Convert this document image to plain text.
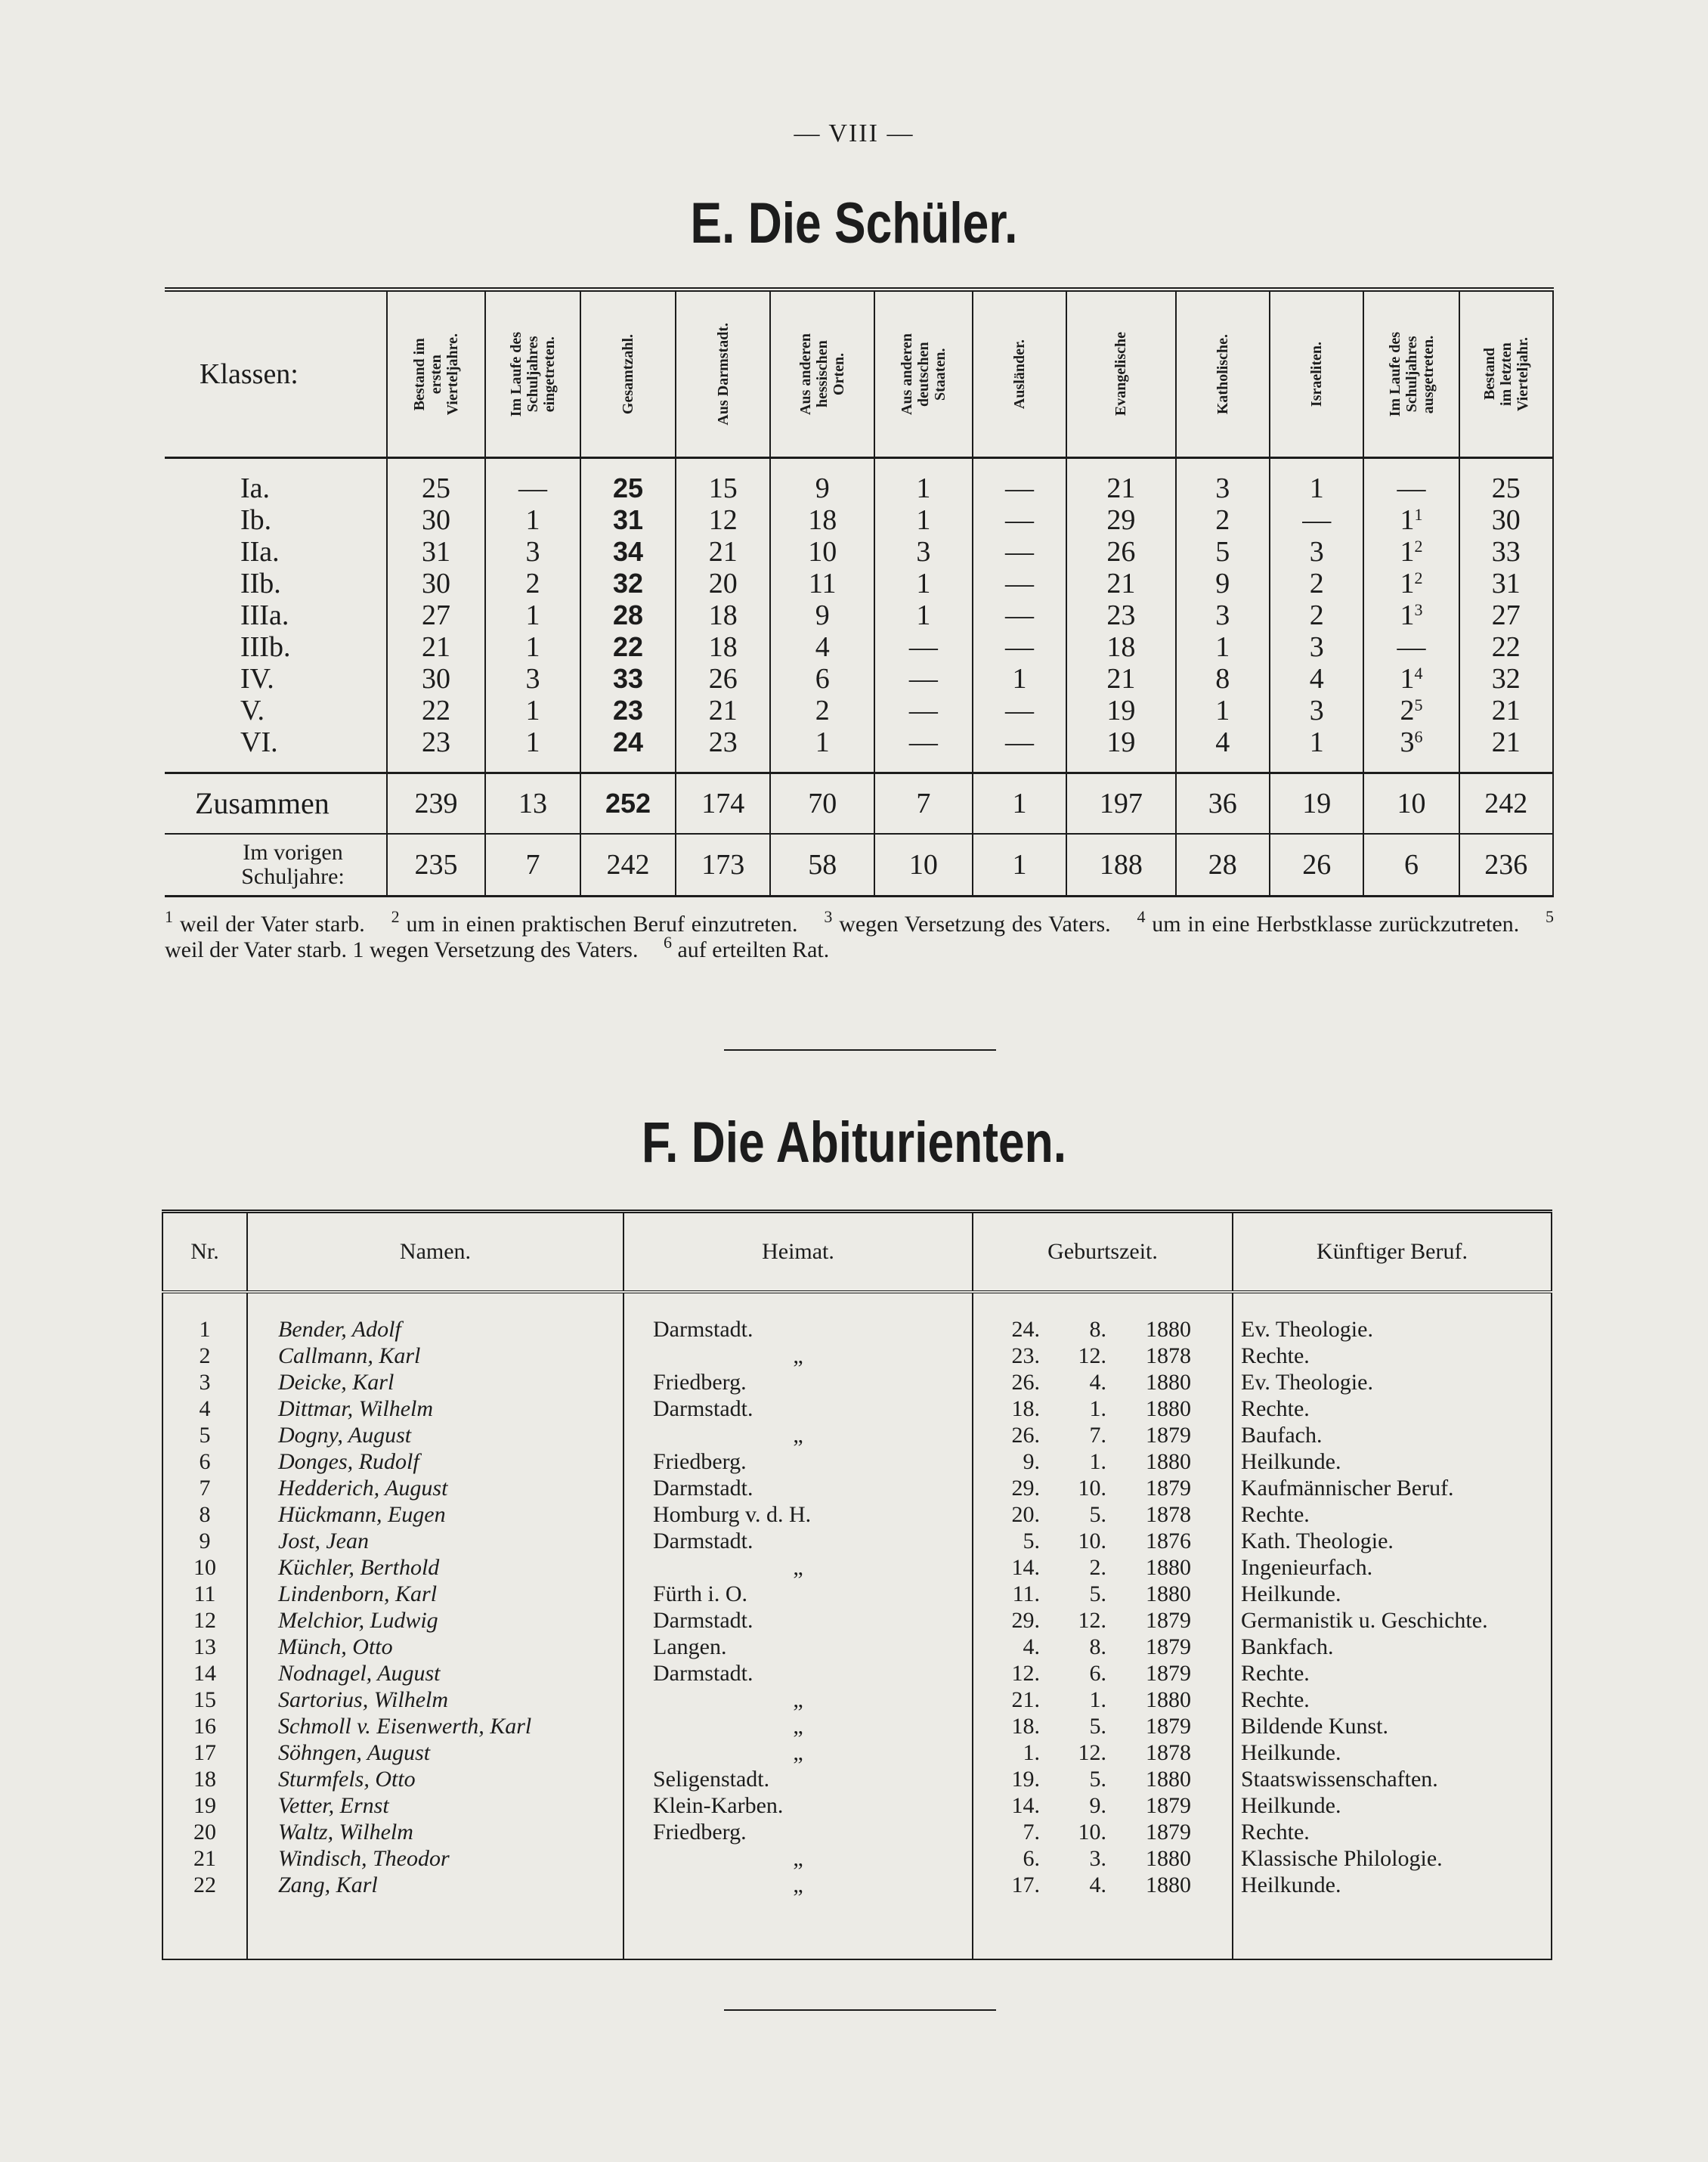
— VIII —
E. Die Schüler.
Klassen:	Bestand im
ersten
Vierteljahre.	Im Laufe des
Schuljahres
eingetreten.	Gesamtzahl.	Aus Darmstadt.	Aus anderen
hessischen
Orten.	Aus anderen
deutschen
Staaten.	Ausländer.	Evangelische	Katholische.	Israeliten.	Im Laufe des
Schuljahres
ausgetreten.	Bestand
im letzten
Vierteljahr.

Ia.	25	—	25	15	9	1	—	21	3	1	—	25
Ib.	30	1	31	12	18	1	—	29	2	—	$1^1$	30
IIa.	31	3	34	21	10	3	—	26	5	3	$1^2$	33
IIb.	30	2	32	20	11	1	—	21	9	2	$1^2$	31
IIIa.	27	1	28	18	9	1	—	23	3	2	$1^3$	27
IIIb.	21	1	22	18	4	—	—	18	1	3	—	22
IV.	30	3	33	26	6	—	1	21	8	4	$1^4$	32
V.	22	1	23	21	2	—	—	19	1	3	$2^5$	21
VI.	23	1	24	23	1	—	—	19	4	1	$3^6$	21
Zusammen	239	13	252	174	70	7	1	197	36	19	10	242

Im vorigen
Schuljahre:	235	7	242	173	58	10	1	188	28	26	6	236
$^1$ weil der Vater starb. $^2$ um in einen praktischen Beruf einzutreten. $^3$ wegen Versetzung des Vaters. $^4$ um in eine Herbstklasse zurückzutreten. $^5$ weil der Vater starb. 1 wegen Versetzung des Vaters. $^6$ auf erteilten Rat.
F. Die Abiturienten.
Nr.	Namen.	Heimat.	Geburtszeit.	Künftiger Beruf.
1	Bender, Adolf	Darmstadt.	24. 8. 1880	Ev. Theologie.
2	Callmann, Karl	„	23. 12. 1878	Rechte.
3	Deicke, Karl	Friedberg.	26. 4. 1880	Ev. Theologie.
4	Dittmar, Wilhelm	Darmstadt.	18. 1. 1880	Rechte.
5	Dogny, August	„	26. 7. 1879	Baufach.
6	Donges, Rudolf	Friedberg.	9. 1. 1880	Heilkunde.
7	Hedderich, August	Darmstadt.	29. 10. 1879	Kaufmännischer Beruf.
8	Hückmann, Eugen	Homburg v. d. H.	20. 5. 1878	Rechte.
9	Jost, Jean	Darmstadt.	5. 10. 1876	Kath. Theologie.
10	Küchler, Berthold	„	14. 2. 1880	Ingenieurfach.
11	Lindenborn, Karl	Fürth i. O.	11. 5. 1880	Heilkunde.
12	Melchior, Ludwig	Darmstadt.	29. 12. 1879	Germanistik u. Geschichte.
13	Münch, Otto	Langen.	4. 8. 1879	Bankfach.
14	Nodnagel, August	Darmstadt.	12. 6. 1879	Rechte.
15	Sartorius, Wilhelm	„	21. 1. 1880	Rechte.
16	Schmoll v. Eisenwerth, Karl	„	18. 5. 1879	Bildende Kunst.
17	Söhngen, August	„	1. 12. 1878	Heilkunde.
18	Sturmfels, Otto	Seligenstadt.	19. 5. 1880	Staatswissenschaften.
19	Vetter, Ernst	Klein-Karben.	14. 9. 1879	Heilkunde.
20	Waltz, Wilhelm	Friedberg.	7. 10. 1879	Rechte.
21	Windisch, Theodor	„	6. 3. 1880	Klassische Philologie.
22	Zang, Karl	„	17. 4. 1880	Heilkunde.
